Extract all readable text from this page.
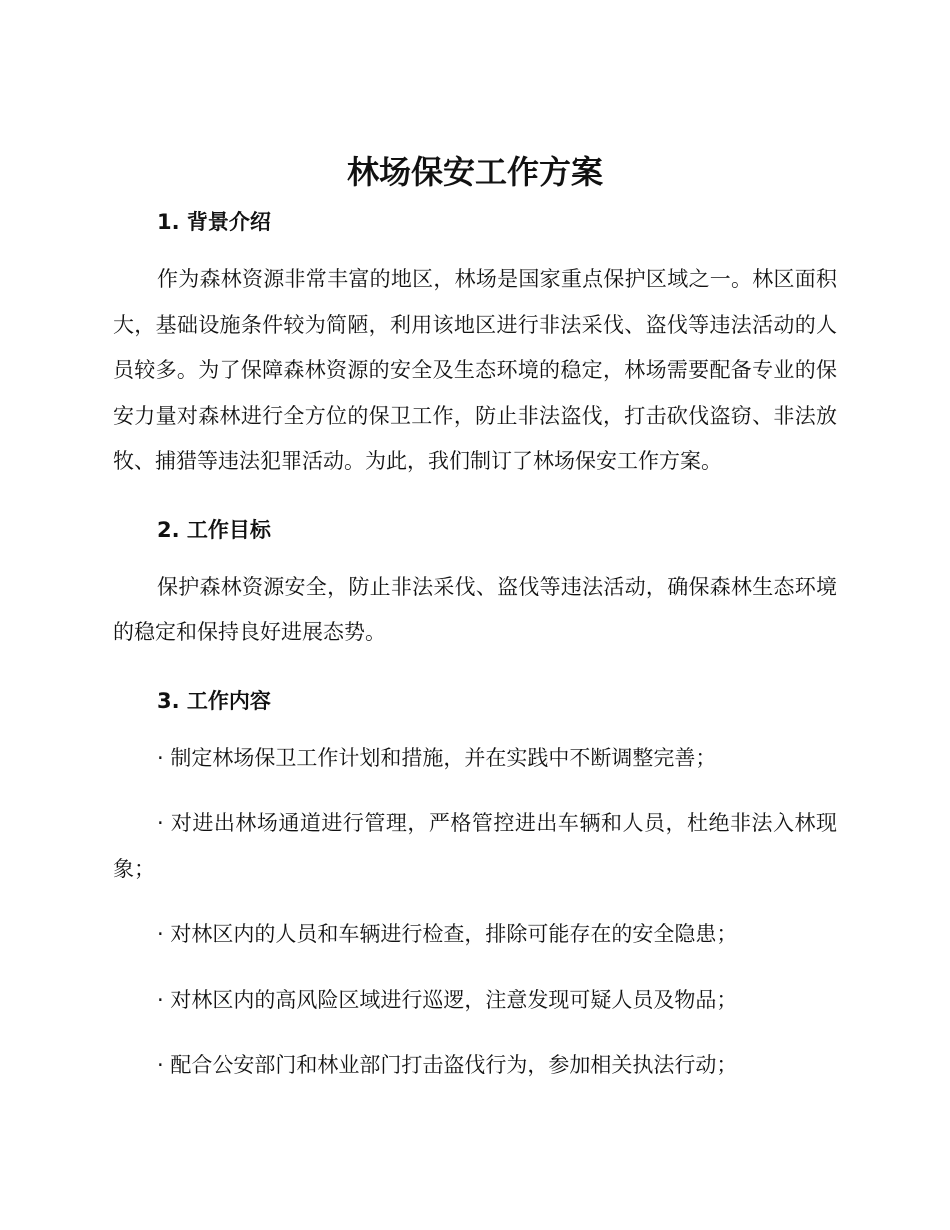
林场保安工作方案
1. 背景介绍

作为森林资源非常丰富的地区，林场是国家重点保护区域之一。林区面积大，基础设施条件较为简陋，利用该地区进行非法采伐、盗伐等违法活动的人员较多。为了保障森林资源的安全及生态环境的稳定，林场需要配备专业的保安力量对森林进行全方位的保卫工作，防止非法盗伐，打击砍伐盗窃、非法放牧、捕猎等违法犯罪活动。为此，我们制订了林场保安工作方案。

2. 工作目标

保护森林资源安全，防止非法采伐、盗伐等违法活动，确保森林生态环境的稳定和保持良好进展态势。

3. 工作内容

· 制定林场保卫工作计划和措施，并在实践中不断调整完善；

· 对进出林场通道进行管理，严格管控进出车辆和人员，杜绝非法入林现象；

· 对林区内的人员和车辆进行检查，排除可能存在的安全隐患；

· 对林区内的高风险区域进行巡逻，注意发现可疑人员及物品；

· 配合公安部门和林业部门打击盗伐行为，参加相关执法行动；
